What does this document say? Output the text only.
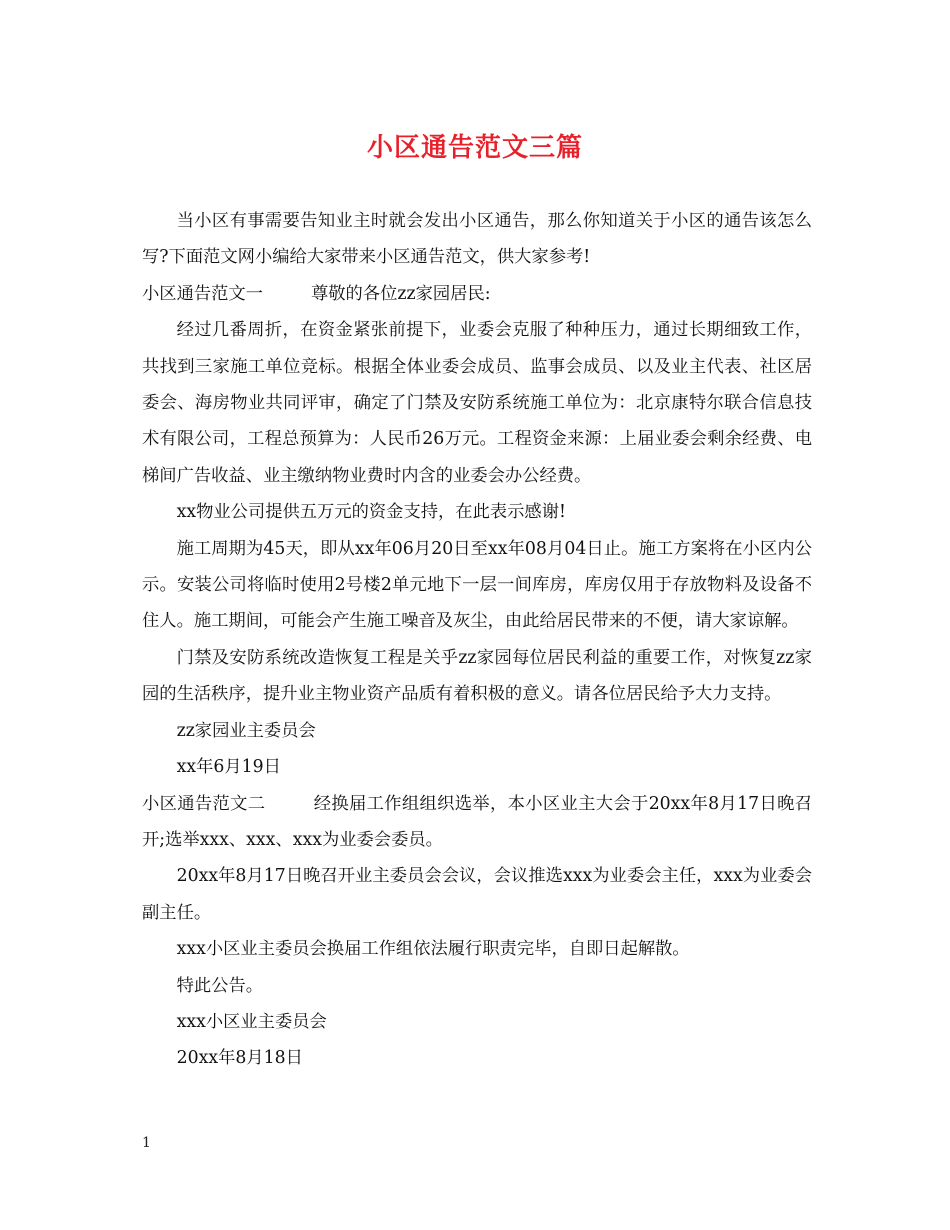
小区通告范文三篇

当小区有事需要告知业主时就会发出小区通告，那么你知道关于小区的通告该怎么写?下面范文网小编给大家带来小区通告范文，供大家参考!

小区通告范文一	尊敬的各位zz家园居民:

经过几番周折，在资金紧张前提下，业委会克服了种种压力，通过长期细致工作，共找到三家施工单位竞标。根据全体业委会成员、监事会成员、以及业主代表、社区居委会、海房物业共同评审，确定了门禁及安防系统施工单位为：北京康特尔联合信息技术有限公司，工程总预算为：人民币26万元。工程资金来源：上届业委会剩余经费、电梯间广告收益、业主缴纳物业费时内含的业委会办公经费。

xx物业公司提供五万元的资金支持，在此表示感谢!

施工周期为45天，即从xx年06月20日至xx年08月04日止。施工方案将在小区内公示。安装公司将临时使用2号楼2单元地下一层一间库房，库房仅用于存放物料及设备不住人。施工期间，可能会产生施工噪音及灰尘，由此给居民带来的不便，请大家谅解。

门禁及安防系统改造恢复工程是关乎zz家园每位居民利益的重要工作，对恢复zz家园的生活秩序，提升业主物业资产品质有着积极的意义。请各位居民给予大力支持。

zz家园业主委员会

xx年6月19日

小区通告范文二	经换届工作组组织选举，本小区业主大会于20xx年8月17日晚召开;选举xxx、xxx、xxx为业委会委员。

20xx年8月17日晚召开业主委员会会议，会议推选xxx为业委会主任，xxx为业委会副主任。

xxx小区业主委员会换届工作组依法履行职责完毕，自即日起解散。

特此公告。

xxx小区业主委员会

20xx年8月18日

1
